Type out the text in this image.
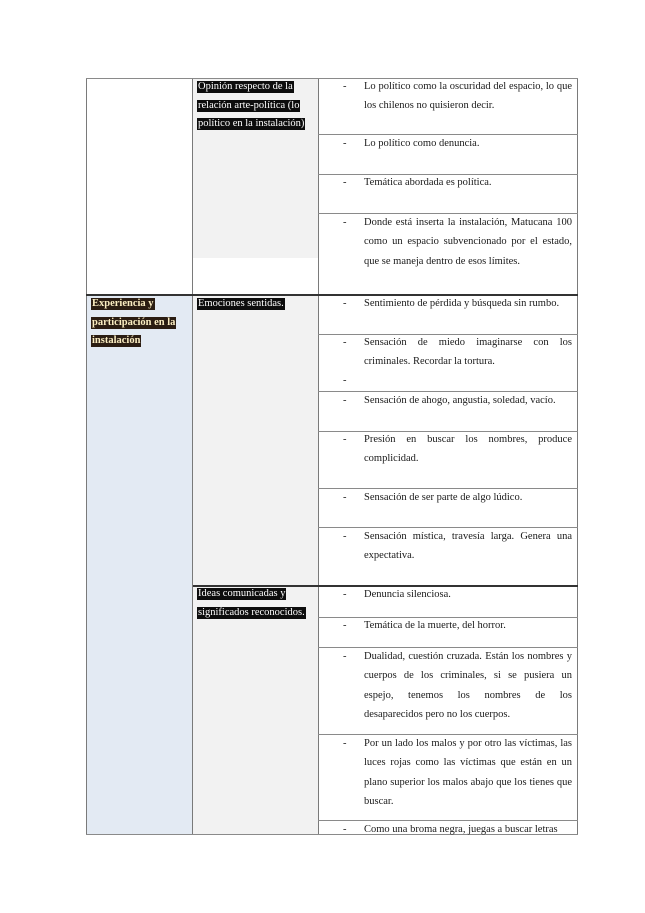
Opinión respecto de la
relación arte-política (lo
político en la instalación)
Experiencia y
participación en la
instalación
Emociones sentidas.
Ideas comunicadas y
significados reconocidos.
- Lo político como la oscuridad del espacio, lo que los chilenos no quisieron decir.
- Lo político como denuncia.
- Temática abordada es política.
- Donde está inserta la instalación, Matucana 100 como un espacio subvencionado por el estado, que se maneja dentro de esos límites.
- Sentimiento de pérdida y búsqueda sin rumbo.
- Sensación de miedo imaginarse con los criminales. Recordar la tortura.
-
- Sensación de ahogo, angustia, soledad, vacío.
- Presión en buscar los nombres, produce complicidad.
- Sensación de ser parte de algo lúdico.
- Sensación mística, travesía larga. Genera una expectativa.
- Denuncia silenciosa.
- Temática de la muerte, del horror.
- Dualidad, cuestión cruzada. Están los nombres y cuerpos de los criminales, si se pusiera un espejo, tenemos los nombres de los desaparecidos pero no los cuerpos.
- Por un lado los malos y por otro las víctimas, las luces rojas como las víctimas que están en un plano superior los malos abajo que los tienes que buscar.
- Como una broma negra, juegas a buscar letras
